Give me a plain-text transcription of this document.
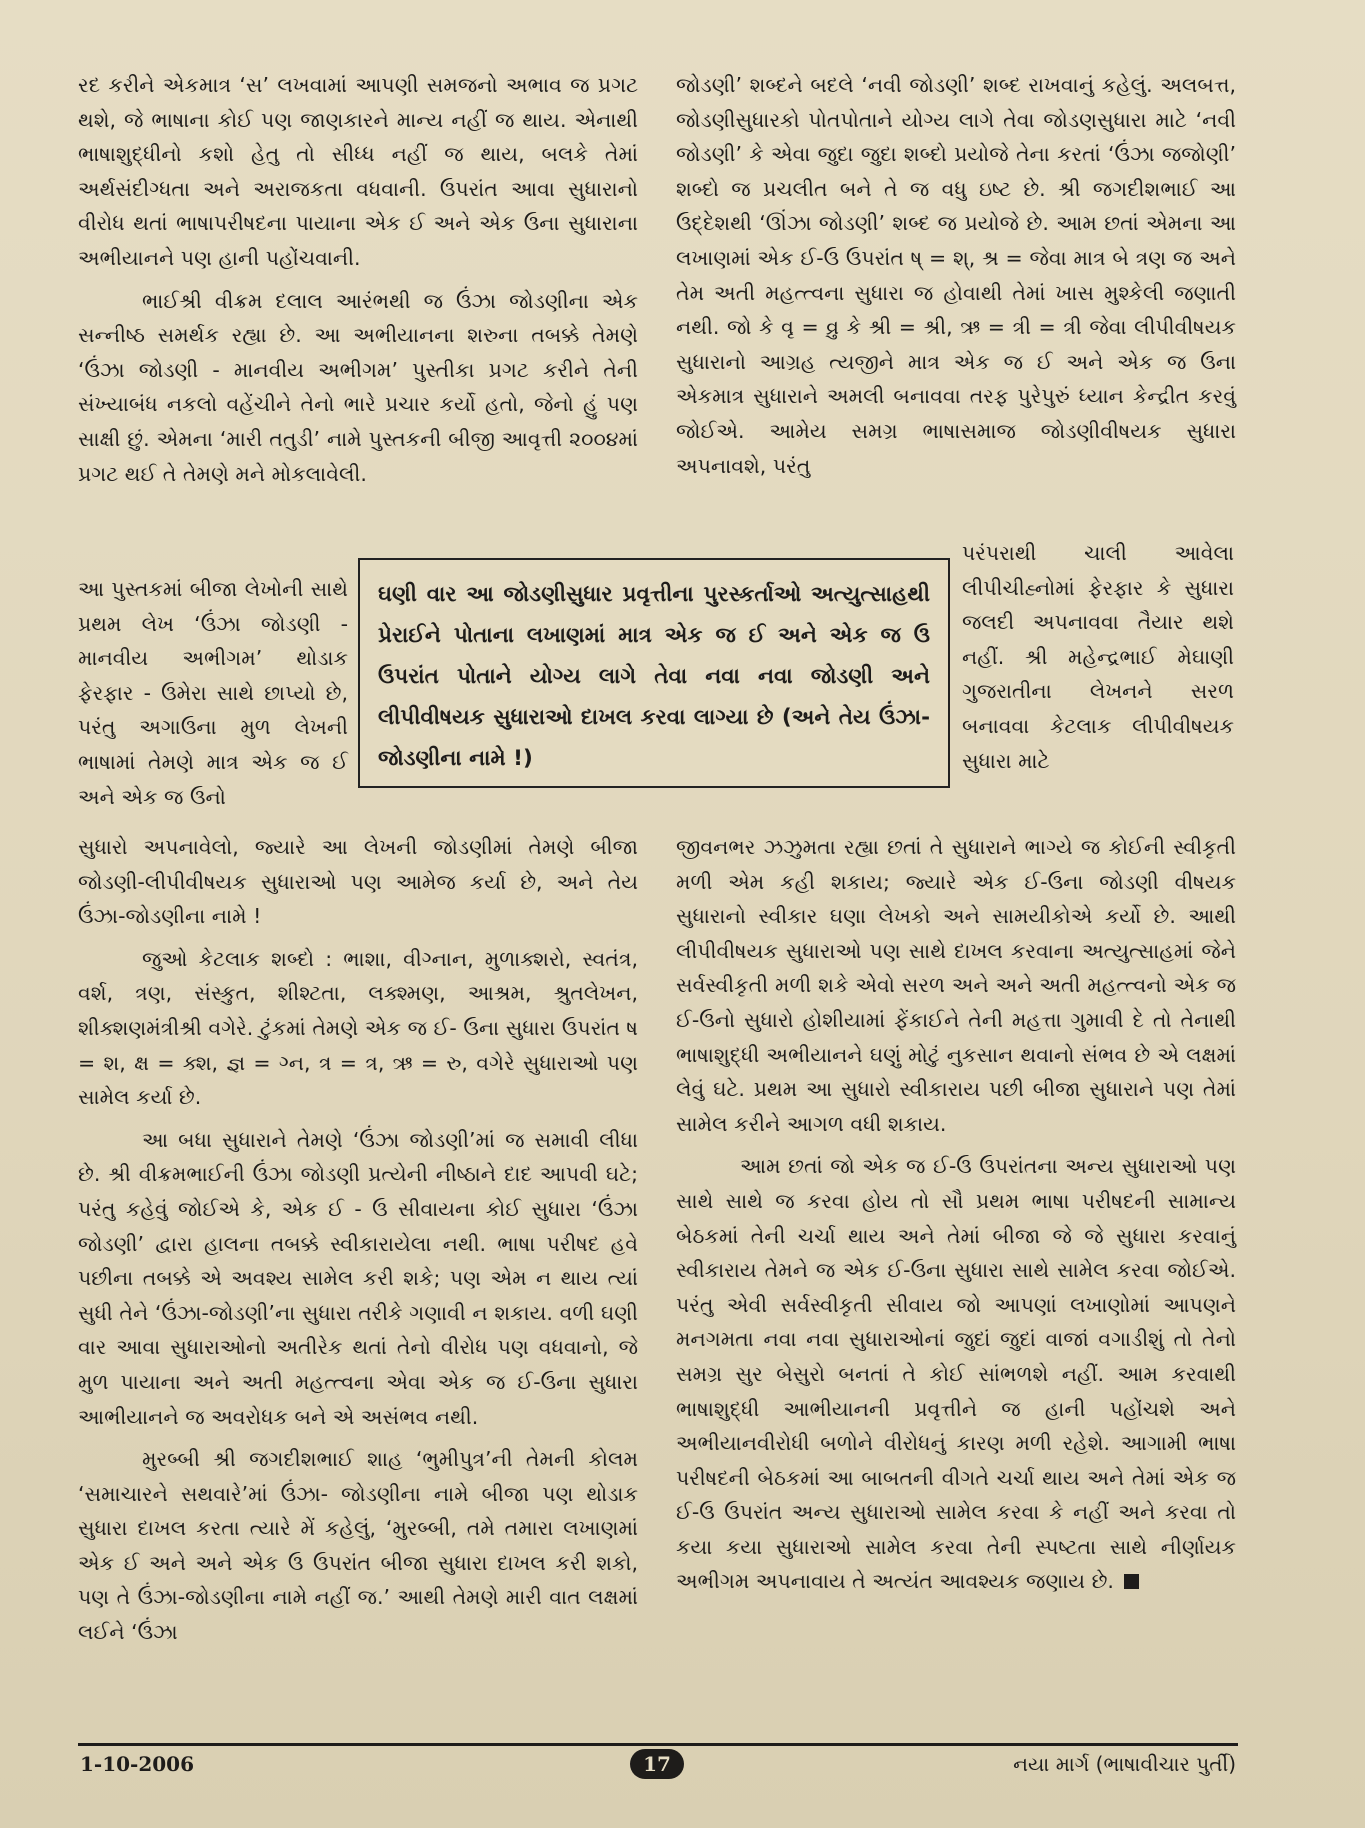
રદ કરીને એકમાત્ર ‘સ’ લખવામાં આપણી સમજનો અભાવ જ પ્રગટ થશે, જે ભાષાના કોઈ પણ જાણકારને માન્ય નહીં જ થાય. એનાથી ભાષાશુદ્ધીનો કશો હેતુ તો સીધ્ધ નહીં જ થાય, બલકે તેમાં અર્થસંદીગ્ધતા અને અરાજકતા વધવાની. ઉપરાંત આવા સુધારાનો વીરોધ થતાં ભાષાપરીષદના પાયાના એક ઈ અને એક ઉના સુધારાના અભીયાનને પણ હાની પહોંચવાની.

ભાઈશ્રી વીક્રમ દલાલ આરંભથી જ ઉંઝા જોડણીના એક સન્નીષ્ઠ સમર્થક રહ્યા છે. આ અભીયાનના શરુના તબક્કે તેમણે ‘ઉંઝા જોડણી - માનવીય અભીગમ’ પુસ્તીકા પ્રગટ કરીને તેની સંખ્યાબંધ નકલો વહેંચીને તેનો ભારે પ્રચાર કર્યો હતો, જેનો હું પણ સાક્ષી છું. એમના ‘મારી તતુડી’ નામે પુસ્તકની બીજી આવૃત્તી ૨૦૦૪માં પ્રગટ થઈ તે તેમણે મને મોકલાવેલી.

આ પુસ્તકમાં બીજા લેખોની સાથે પ્રથમ લેખ ‘ઉંઝા જોડણી - માનવીય અભીગમ’ થોડાક ફેરફાર - ઉમેરા સાથે છાપ્યો છે, પરંતુ અગાઉના મુળ લેખની ભાષામાં તેમણે માત્ર એક જ ઈ અને એક જ ઉનો

ઘણી વાર આ જોડણીસુધાર પ્રવૃત્તીના પુરસ્કર્તાઓ અત્યુત્સાહથી પ્રેરાઈને પોતાના લખાણમાં માત્ર એક જ ઈ અને એક જ ઉ ઉપરાંત પોતાને યોગ્ય લાગે તેવા નવા નવા જોડણી અને લીપીવીષયક સુધારાઓ દાખલ કરવા લાગ્યા છે (અને તેય ઉંઝા-જોડણીના નામે !)

સુધારો અપનાવેલો, જ્યારે આ લેખની જોડણીમાં તેમણે બીજા જોડણી-લીપીવીષયક સુધારાઓ પણ આમેજ કર્યા છે, અને તેય ઉંઝા-જોડણીના નામે !

જુઓ કેટલાક શબ્દો : ભાશા, વીગ્નાન, મુળાક્શરો, સ્વતંત્ર, વર્શ, ત્રણ, સંસ્કુત, શીશ્ટતા, લક્શ્મણ, આશ્રમ, શ્રુતલેખન, શીક્શણમંત્રીશ્રી વગેરે. ટુંકમાં તેમણે એક જ ઈ- ઉના સુધારા ઉપરાંત ષ = શ, ક્ષ = ક્શ, જ્ઞ = ગ્ન, ત્ર = ત્ર, ઋ = રુ, વગેરે સુધારાઓ પણ સામેલ કર્યા છે.

આ બધા સુધારાને તેમણે ‘ઉંઝા જોડણી’માં જ સમાવી લીધા છે. શ્રી વીક્રમભાઈની ઉંઝા જોડણી પ્રત્યેની નીષ્ઠાને દાદ આપવી ઘટે; પરંતુ કહેવું જોઈએ કે, એક ઈ - ઉ સીવાયના કોઈ સુધારા ‘ઉંઝા જોડણી’ દ્વારા હાલના તબક્કે સ્વીકારાયેલા નથી. ભાષા પરીષદ હવે પછીના તબક્કે એ અવશ્ય સામેલ કરી શકે; પણ એમ ન થાય ત્યાં સુધી તેને ‘ઉંઝા-જોડણી’ના સુધારા તરીકે ગણાવી ન શકાય. વળી ઘણી વાર આવા સુધારાઓનો અતીરેક થતાં તેનો વીરોધ પણ વધવાનો, જે મુળ પાયાના અને અતી મહત્ત્વના એવા એક જ ઈ-ઉના સુધારા આભીયાનને જ અવરોધક બને એ અસંભવ નથી.

મુરબ્બી શ્રી જગદીશભાઈ શાહ ‘ભુમીપુત્ર’ની તેમની કોલમ ‘સમાચારને સથવારે’માં ઉંઝા- જોડણીના નામે બીજા પણ થોડાક સુધારા દાખલ કરતા ત્યારે મેં કહેલું, ‘મુરબ્બી, તમે તમારા લખાણમાં એક ઈ અને અને એક ઉ ઉપરાંત બીજા સુધારા દાખલ કરી શકો, પણ તે ઉંઝા-જોડણીના નામે નહીં જ.’ આથી તેમણે મારી વાત લક્ષમાં લઈને ‘ઉંઝા

જોડણી’ શબ્દને બદલે ‘નવી જોડણી’ શબ્દ રાખવાનું કહેલું. અલબત્ત, જોડણીસુધારકો પોતપોતાને યોગ્ય લાગે તેવા જોડણસુધારા માટે ‘નવી જોડણી’ કે એવા જુદા જુદા શબ્દો પ્રયોજે તેના કરતાં ‘ઉંઝા જજોણી’ શબ્દો જ પ્રચલીત બને તે જ વધુ ઇષ્ટ છે. શ્રી જગદીશભાઈ આ ઉદ્દેશથી ‘ઊંઝા જોડણી’ શબ્દ જ પ્રયોજે છે. આમ છતાં એમના આ લખાણમાં એક ઈ-ઉ ઉપરાંત ષ્ = શ્, શ્ર = જેવા માત્ર બે ત્રણ જ અને તેમ અતી મહત્ત્વના સુધારા જ હોવાથી તેમાં ખાસ મુશ્કેલી જણાતી નથી. જો કે વૃ = વ્રુ કે શ્રી = શ્રી, ઋ = ત્રી = ત્રી જેવા લીપીવીષયક સુધારાનો આગ્રહ ત્યજીને માત્ર એક જ ઈ અને એક જ ઉના એકમાત્ર સુધારાને અમલી બનાવવા તરફ પુરેપુરું ધ્યાન કેન્દ્રીત કરવું જોઈએ. આમેય સમગ્ર ભાષાસમાજ જોડણીવીષયક સુધારા અપનાવશે, પરંતુ

પરંપરાથી ચાલી આવેલા લીપીચીહ્નોમાં ફેરફાર કે સુધારા જલદી અપનાવવા તૈયાર થશે નહીં. શ્રી મહેન્દ્રભાઈ મેઘાણી ગુજરાતીના લેખનને સરળ બનાવવા કેટલાક લીપીવીષયક સુધારા માટે

જીવનભર ઝઝુમતા રહ્યા છતાં તે સુધારાને ભાગ્યે જ કોઈની સ્વીકૃતી મળી એમ કહી શકાય; જ્યારે એક ઈ-ઉના જોડણી વીષયક સુધારાનો સ્વીકાર ઘણા લેખકો અને સામયીકોએ કર્યો છે. આથી લીપીવીષયક સુધારાઓ પણ સાથે દાખલ કરવાના અત્યુત્સાહમાં જેને સર્વસ્વીકૃતી મળી શકે એવો સરળ અને અને અતી મહત્ત્વનો એક જ ઈ-ઉનો સુધારો હોશીયામાં ફેંકાઈને તેની મહત્તા ગુમાવી દે તો તેનાથી ભાષાશુદ્ધી અભીયાનને ઘણું મોટું નુકસાન થવાનો સંભવ છે એ લક્ષમાં લેવું ઘટે. પ્રથમ આ સુધારો સ્વીકારાય પછી બીજા સુધારાને પણ તેમાં સામેલ કરીને આગળ વધી શકાય.

આમ છતાં જો એક જ ઈ-ઉ ઉપરાંતના અન્ય સુધારાઓ પણ સાથે સાથે જ કરવા હોય તો સૌ પ્રથમ ભાષા પરીષદની સામાન્ય બેઠકમાં તેની ચર્ચા થાય અને તેમાં બીજા જે જે સુધારા કરવાનું સ્વીકારાય તેમને જ એક ઈ-ઉના સુધારા સાથે સામેલ કરવા જોઈએ. પરંતુ એવી સર્વસ્વીકૃતી સીવાય જો આપણાં લખાણોમાં આપણને મનગમતા નવા નવા સુધારાઓનાં જુદાં જુદાં વાજાં વગાડીશું તો તેનો સમગ્ર સુર બેસુરો બનતાં તે કોઈ સાંભળશે નહીં. આમ કરવાથી ભાષાશુદ્ધી આભીયાનની પ્રવૃત્તીને જ હાની પહોંચશે અને અભીયાનવીરોધી બળોને વીરોધનું કારણ મળી રહેશે. આગામી ભાષા પરીષદની બેઠકમાં આ બાબતની વીગતે ચર્ચા થાય અને તેમાં એક જ ઈ-ઉ ઉપરાંત અન્ય સુધારાઓ સામેલ કરવા કે નહીં અને કરવા તો કયા કયા સુધારાઓ સામેલ કરવા તેની સ્પષ્ટતા સાથે નીર્ણાયક અભીગમ અપનાવાય તે અત્યંત આવશ્યક જણાય છે.

1-10-2006	17	નયા માર્ગ (ભાષાવીચાર પુર્તી)
